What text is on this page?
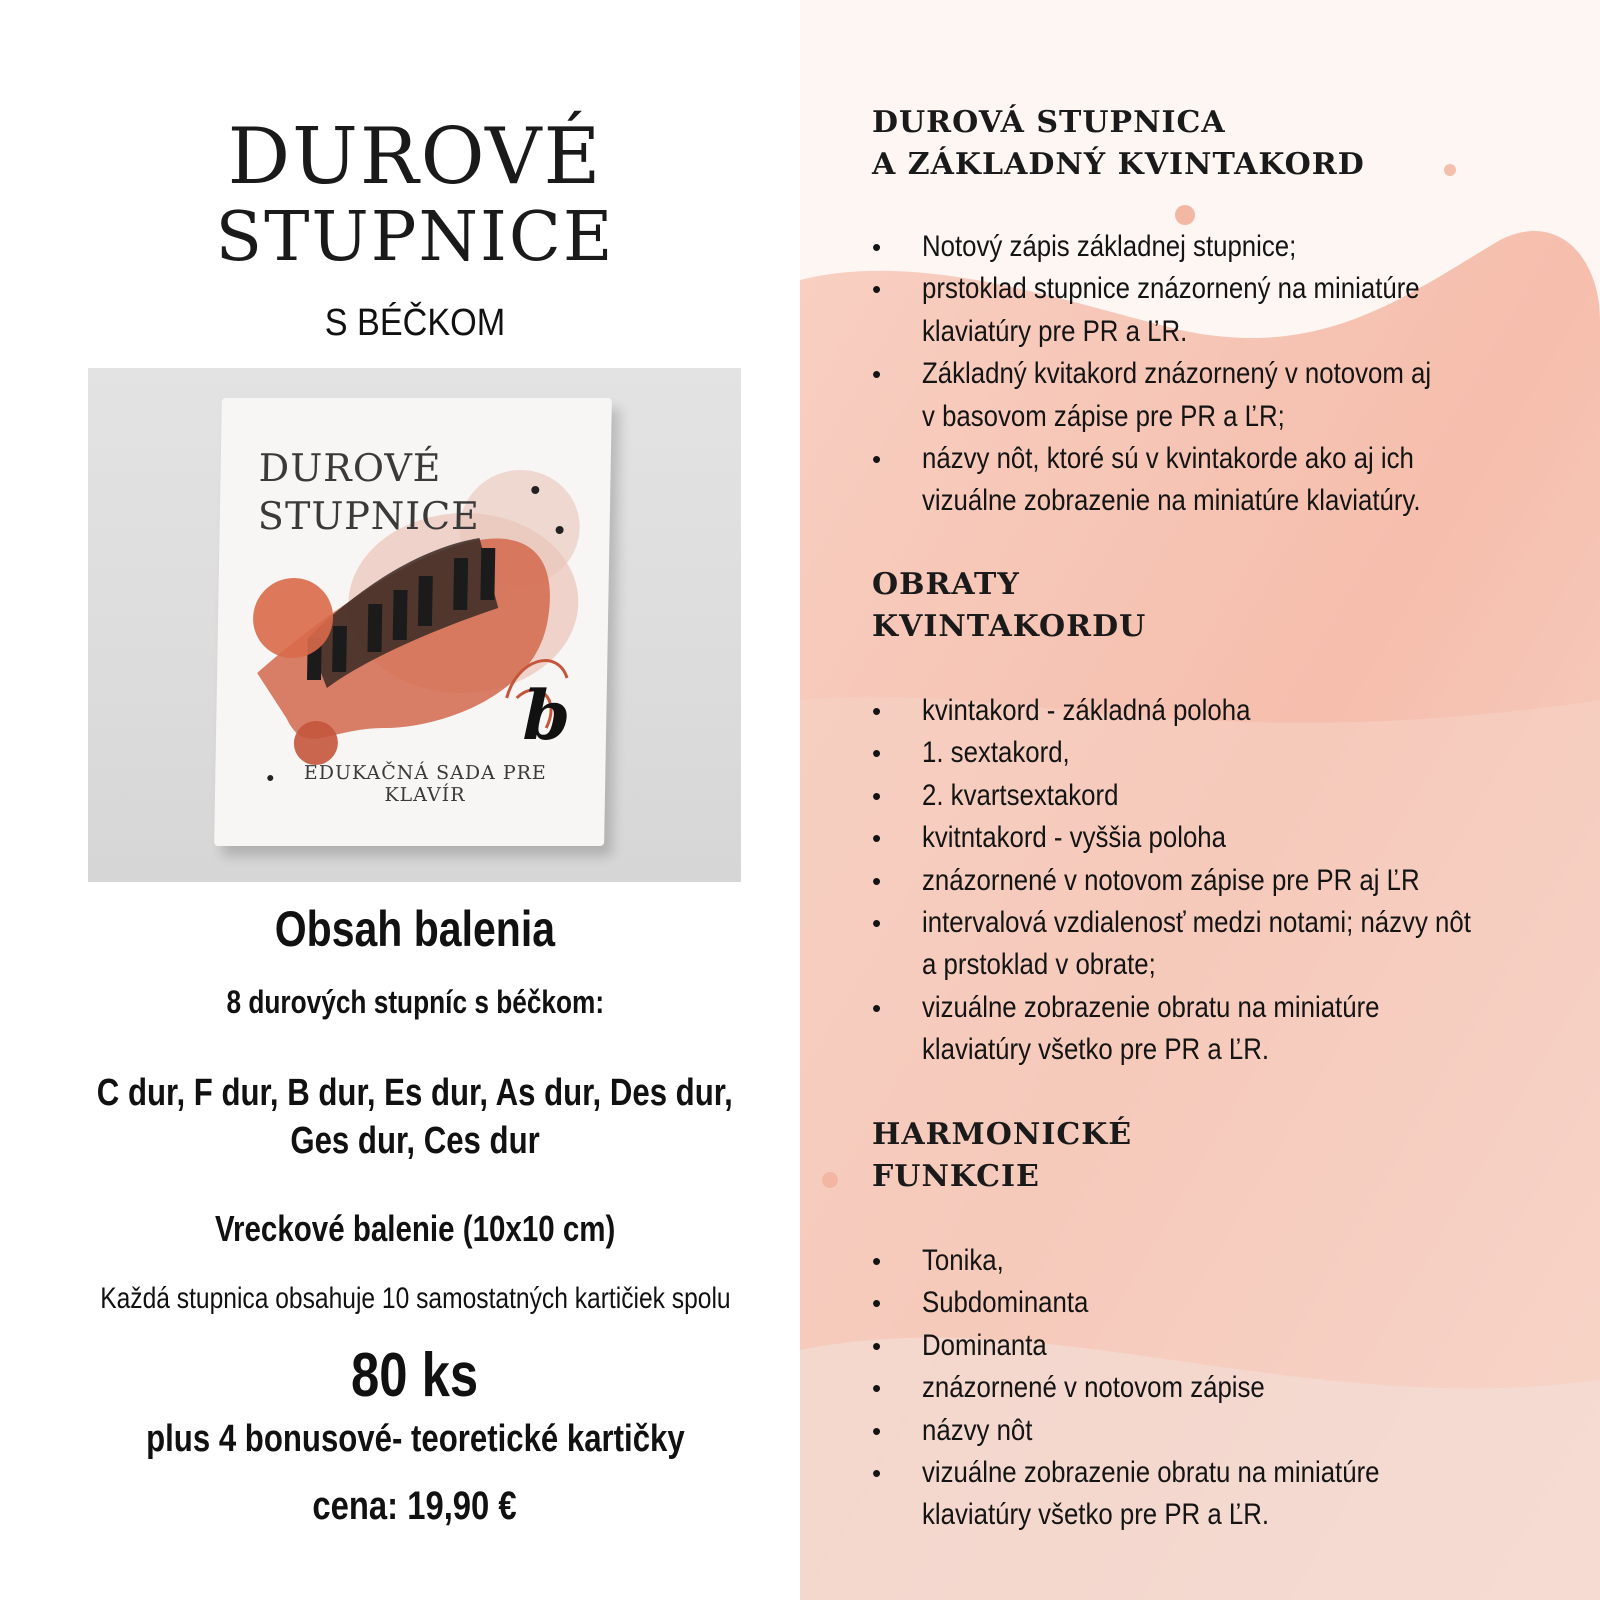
DUROVÉ
STUPNICE
S BÉČKOM
DUROVÉ
STUPNICE
b
EDUKAČNÁ SADA PRE KLAVÍR
Obsah balenia
8 durových stupníc s béčkom:
C dur, F dur, B dur, Es dur, As dur, Des dur,
Ges dur, Ces dur
Vreckové balenie (10x10 cm)
Každá stupnica obsahuje 10 samostatných kartičiek spolu
80 ks
plus 4 bonusové- teoretické kartičky
cena: 19,90 €
DUROVÁ STUPNICA
A ZÁKLADNÝ KVINTAKORD
• Notový zápis základnej stupnice;
• prstoklad stupnice znázornený na miniatúre
klaviatúry pre PR a ĽR.
• Základný kvitakord znázornený v notovom aj
v basovom zápise pre PR a ĽR;
• názvy nôt, ktoré sú v kvintakorde ako aj ich
vizuálne zobrazenie na miniatúre klaviatúry.
OBRATY
KVINTAKORDU
• kvintakord - základná poloha
• 1. sextakord,
• 2. kvartsextakord
• kvitntakord - vyššia poloha
• znázornené v notovom zápise pre PR aj ĽR
• intervalová vzdialenosť medzi notami; názvy nôt
a prstoklad v obrate;
• vizuálne zobrazenie obratu na miniatúre
klaviatúry všetko pre PR a ĽR.
HARMONICKÉ
FUNKCIE
• Tonika,
• Subdominanta
• Dominanta
• znázornené v notovom zápise
• názvy nôt
• vizuálne zobrazenie obratu na miniatúre
klaviatúry všetko pre PR a ĽR.
